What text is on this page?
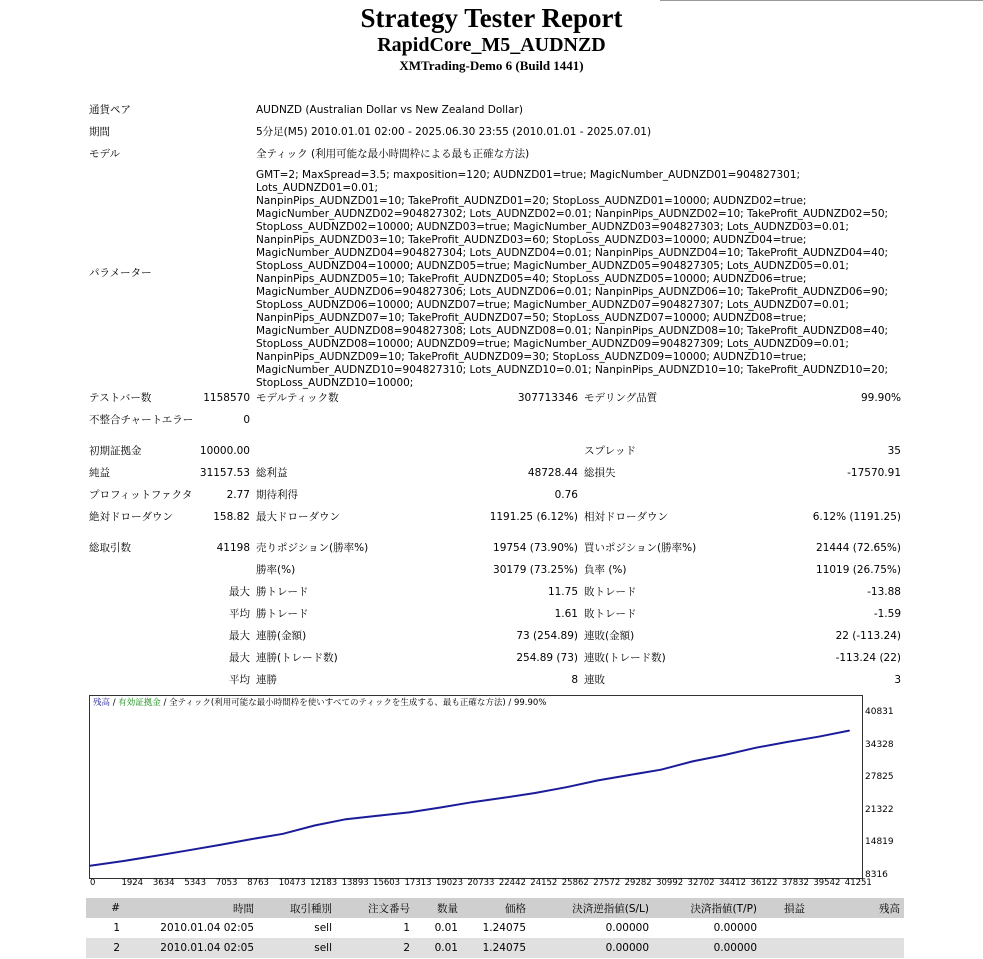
Strategy Tester Report
RapidCore_M5_AUDNZD
XMTrading-Demo 6 (Build 1441)
通貨ペア	AUDNZD (Australian Dollar vs New Zealand Dollar)
期間	5分足(M5) 2010.01.01 02:00 - 2025.06.30 23:55 (2010.01.01 - 2025.07.01)
モデル	全ティック (利用可能な最小時間枠による最も正確な方法)
パラメーター
GMT=2; MaxSpread=3.5; maxposition=120; AUDNZD01=true; MagicNumber_AUDNZD01=904827301; Lots_AUDNZD01=0.01;
NanpinPips_AUDNZD01=10; TakeProfit_AUDNZD01=20; StopLoss_AUDNZD01=10000; AUDNZD02=true;
MagicNumber_AUDNZD02=904827302; Lots_AUDNZD02=0.01; NanpinPips_AUDNZD02=10; TakeProfit_AUDNZD02=50;
StopLoss_AUDNZD02=10000; AUDNZD03=true; MagicNumber_AUDNZD03=904827303; Lots_AUDNZD03=0.01;
NanpinPips_AUDNZD03=10; TakeProfit_AUDNZD03=60; StopLoss_AUDNZD03=10000; AUDNZD04=true;
MagicNumber_AUDNZD04=904827304; Lots_AUDNZD04=0.01; NanpinPips_AUDNZD04=10; TakeProfit_AUDNZD04=40;
StopLoss_AUDNZD04=10000; AUDNZD05=true; MagicNumber_AUDNZD05=904827305; Lots_AUDNZD05=0.01;
NanpinPips_AUDNZD05=10; TakeProfit_AUDNZD05=40; StopLoss_AUDNZD05=10000; AUDNZD06=true;
MagicNumber_AUDNZD06=904827306; Lots_AUDNZD06=0.01; NanpinPips_AUDNZD06=10; TakeProfit_AUDNZD06=90;
StopLoss_AUDNZD06=10000; AUDNZD07=true; MagicNumber_AUDNZD07=904827307; Lots_AUDNZD07=0.01;
NanpinPips_AUDNZD07=10; TakeProfit_AUDNZD07=50; StopLoss_AUDNZD07=10000; AUDNZD08=true;
MagicNumber_AUDNZD08=904827308; Lots_AUDNZD08=0.01; NanpinPips_AUDNZD08=10; TakeProfit_AUDNZD08=40;
StopLoss_AUDNZD08=10000; AUDNZD09=true; MagicNumber_AUDNZD09=904827309; Lots_AUDNZD09=0.01;
NanpinPips_AUDNZD09=10; TakeProfit_AUDNZD09=30; StopLoss_AUDNZD09=10000; AUDNZD10=true;
MagicNumber_AUDNZD10=904827310; Lots_AUDNZD10=0.01; NanpinPips_AUDNZD10=10; TakeProfit_AUDNZD10=20;
StopLoss_AUDNZD10=10000;
テストバー数	1158570 モデルティック数	307713346 モデリング品質	99.90%
不整合チャートエラー	0
初期証拠金	10000.00	スプレッド	35
純益	31157.53 総利益	48728.44 総損失	-17570.91
プロフィットファクタ	2.77 期待利得	0.76
絶対ドローダウン	158.82 最大ドローダウン	1191.25 (6.12%) 相対ドローダウン	6.12% (1191.25)
総取引数	41198 売りポジション(勝率%)	19754 (73.90%) 買いポジション(勝率%)	21444 (72.65%)
勝率(%)	30179 (73.25%) 負率 (%)	11019 (26.75%)
最大 勝トレード	11.75 敗トレード	-13.88
平均 勝トレード	1.61 敗トレード	-1.59
最大 連勝(金額)	73 (254.89) 連敗(金額)	22 (-113.24)
最大 連勝(トレード数)	254.89 (73) 連敗(トレード数)	-113.24 (22)
平均 連勝	8 連敗	3
残高 / 有効証拠金 / 全ティック(利用可能な最小時間枠を使いすべてのティックを生成する、最も正確な方法) / 99.90%
40831
34328
27825
21322
14819
8316
0	1924 3634 5343 7053 8763 10473 12183 13893 15603 17313 19023 20733 22442 24152 25862 27572 29282 30992 32702 34412 36122 37832 39542 41251
#	時間	取引種別	注文番号	数量	価格	決済逆指値(S/L)	決済指値(T/P)	損益	残高
1	2010.01.04 02:05	sell	1	0.01	1.24075	0.00000	0.00000		
2	2010.01.04 02:05	sell	2	0.01	1.24075	0.00000	0.00000		
